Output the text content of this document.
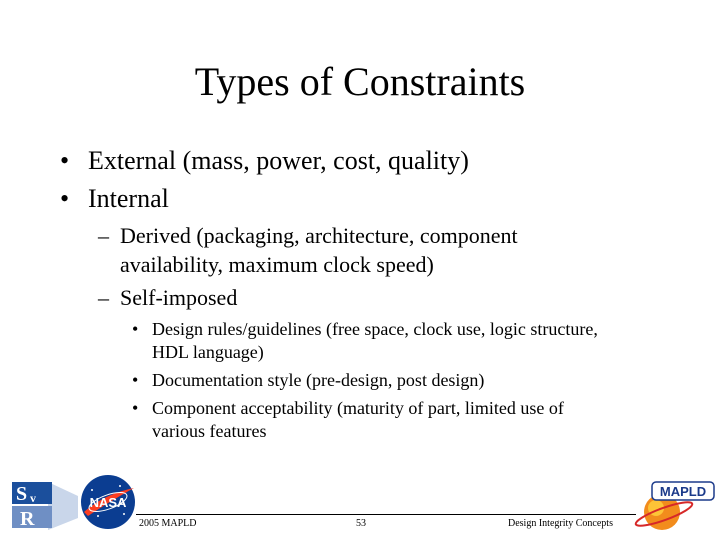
Types of Constraints
• External (mass, power, cost, quality)
• Internal
– Derived (packaging, architecture, component
availability, maximum clock speed)
– Self-imposed
• Design rules/guidelines (free space, clock use, logic structure,
HDL language)
• Documentation style (pre-design, post design)
• Component acceptability (maturity of part, limited use of
various features
S v
R
NASA
MAPLD
2005 MAPLD	53	Design Integrity Concepts
